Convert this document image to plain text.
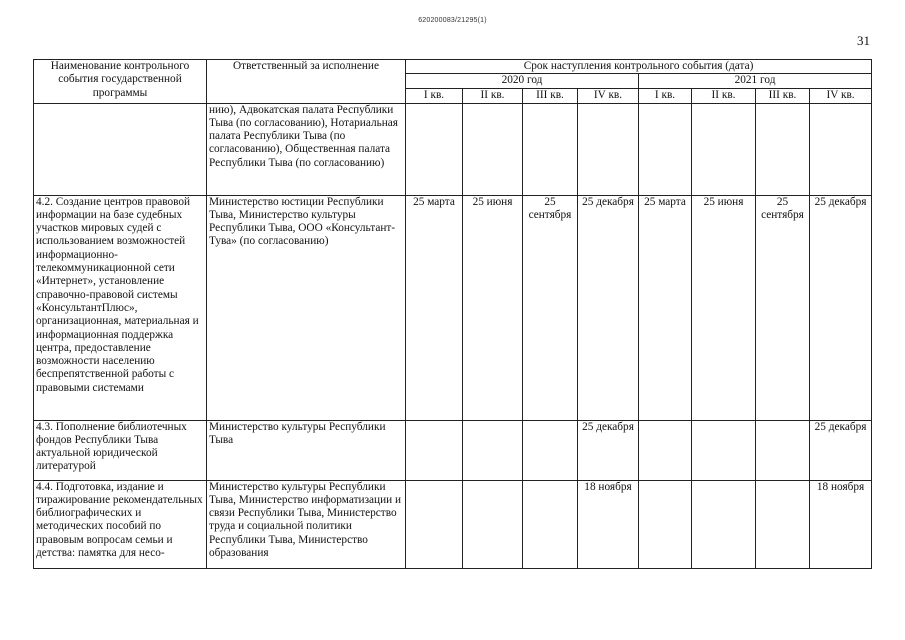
620200083/21295(1)
31
Наименование контрольного события государственной программы	Ответственный за исполнение	Срок наступления контрольного события (дата)							
		2020 год				2021 год			
		I кв.	II кв.	III кв.	IV кв.	I кв.	II кв.	III кв.	IV кв.
	нию), Адвокатская палата Республики Тыва (по согласованию), Нотариальная палата Республики Тыва (по согласованию), Общественная палата Республики Тыва (по согласованию)								
4.2. Создание центров правовой информации на базе судебных участков мировых судей с использованием возможностей информационно-телекоммуникационной сети «Интернет», установление справочно-правовой системы «КонсультантПлюс», организационная, материальная и информационная поддержка центра, предоставление возможности населению беспрепятственной работы с правовыми системами	Министерство юстиции Республики Тыва, Министерство культуры Республики Тыва, ООО «Консультант-Тува» (по согласованию)	25 марта	25 июня	25 сентября	25 декабря	25 марта	25 июня	25 сентября	25 декабря
4.3. Пополнение библиотечных фондов Республики Тыва актуальной юридической литературой	Министерство культуры Республики Тыва				25 декабря				25 декабря
4.4. Подготовка, издание и тиражирование рекомендательных библиографических и методических пособий по правовым вопросам семьи и детства: памятка для несо-	Министерство культуры Республики Тыва, Министерство информатизации и связи Республики Тыва, Министерство труда и социальной политики Республики Тыва, Министерство образования				18 ноября				18 ноября
